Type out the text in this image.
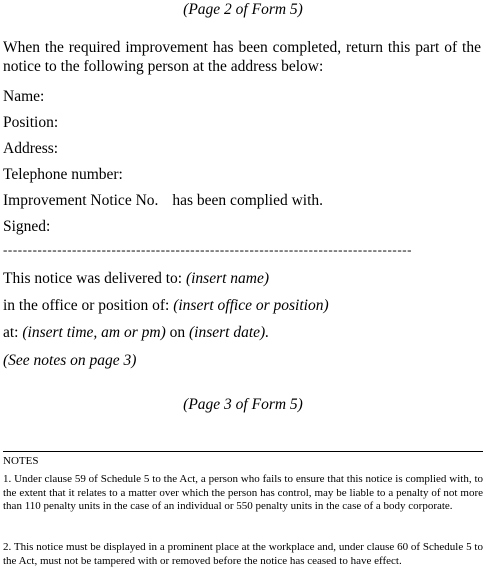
(Page 2 of Form 5)

When the required improvement has been completed, return this part of the notice to the following person at the address below:

Name:

Position:

Address:

Telephone number:

Improvement Notice No. has been complied with.

Signed:

-----------------------------------------------------------------------------------

This notice was delivered to: (insert name)

in the office or position of: (insert office or position)

at: (insert time, am or pm) on (insert date).

(See notes on page 3)

(Page 3 of Form 5)

NOTES

1. Under clause 59 of Schedule 5 to the Act, a person who fails to ensure that this notice is complied with, to the extent that it relates to a matter over which the person has control, may be liable to a penalty of not more than 110 penalty units in the case of an individual or 550 penalty units in the case of a body corporate.

2. This notice must be displayed in a prominent place at the workplace and, under clause 60 of Schedule 5 to the Act, must not be tampered with or removed before the notice has ceased to have effect.
